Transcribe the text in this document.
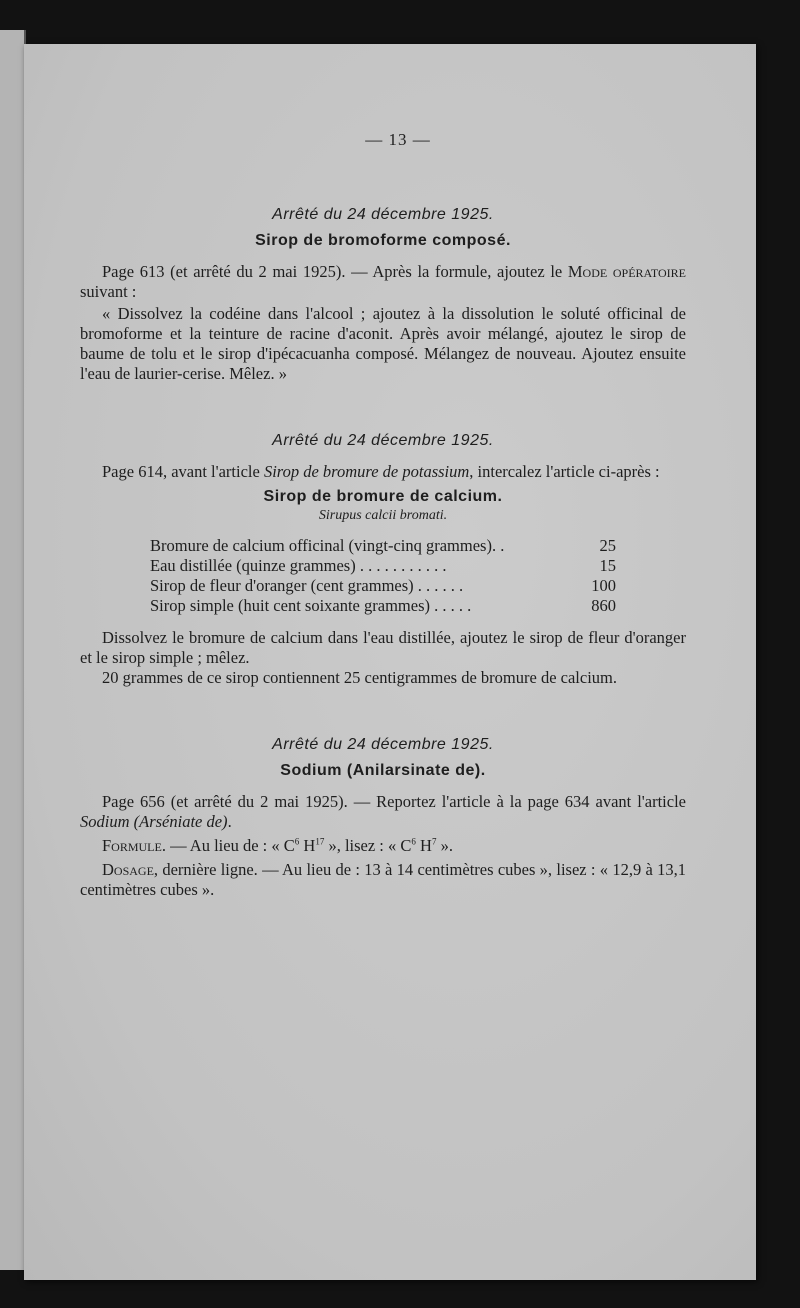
— 13 —
Arrêté du 24 décembre 1925.
Sirop de bromoforme composé.

Page 613 (et arrêté du 2 mai 1925). — Après la formule, ajoutez le Mode opératoire suivant :

« Dissolvez la codéine dans l'alcool ; ajoutez à la dissolution le soluté officinal de bromoforme et la teinture de racine d'aconit. Après avoir mélangé, ajoutez le sirop de baume de tolu et le sirop d'ipécacuanha composé. Mélangez de nouveau. Ajoutez ensuite l'eau de laurier-cerise. Mêlez. »

Arrêté du 24 décembre 1925.

Page 614, avant l'article Sirop de bromure de potassium, intercalez l'article ci-après :

Sirop de bromure de calcium.
Sirupus calcii bromati.
Bromure de calcium officinal (vingt-cinq grammes). .	25
Eau distillée (quinze grammes) . . . . . . . . . . .	15
Sirop de fleur d'oranger (cent grammes) . . . . . .	100
Sirop simple (huit cent soixante grammes) . . . . .	860

Dissolvez le bromure de calcium dans l'eau distillée, ajoutez le sirop de fleur d'oranger et le sirop simple ; mêlez.

20 grammes de ce sirop contiennent 25 centigrammes de bromure de calcium.

Arrêté du 24 décembre 1925.
Sodium (Anilarsinate de).

Page 656 (et arrêté du 2 mai 1925). — Reportez l'article à la page 634 avant l'article Sodium (Arséniate de).

Formule. — Au lieu de : « $C^6$ $H^{17}$ », lisez : « $C^6$ $H^7$ ».

Dosage, dernière ligne. — Au lieu de : 13 à 14 centimètres cubes », lisez : « 12,9 à 13,1 centimètres cubes ».
